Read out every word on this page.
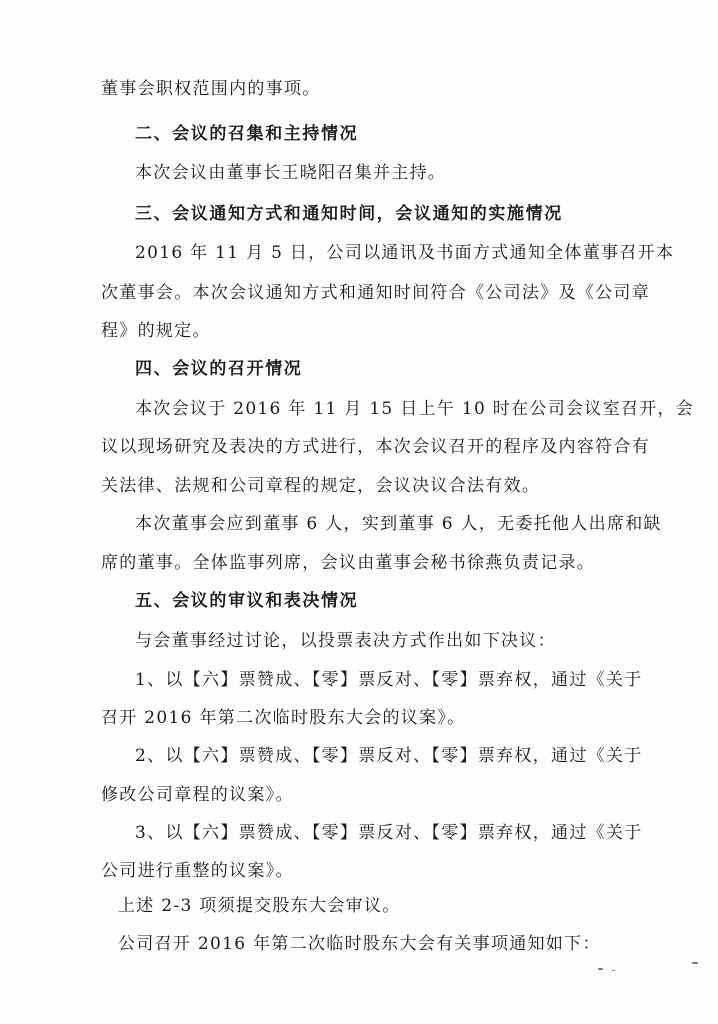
董事会职权范围内的事项。
二、会议的召集和主持情况
本次会议由董事长王晓阳召集并主持。
三、会议通知方式和通知时间，会议通知的实施情况
2016 年 11 月 5 日，公司以通讯及书面方式通知全体董事召开本
次董事会。本次会议通知方式和通知时间符合《公司法》及《公司章
程》的规定。
四、会议的召开情况
本次会议于 2016 年 11 月 15 日上午 10 时在公司会议室召开，会
议以现场研究及表决的方式进行，本次会议召开的程序及内容符合有
关法律、法规和公司章程的规定，会议决议合法有效。
本次董事会应到董事 6 人，实到董事 6 人，无委托他人出席和缺
席的董事。全体监事列席，会议由董事会秘书徐燕负责记录。
五、会议的审议和表决情况
与会董事经过讨论，以投票表决方式作出如下决议：
1、以【六】票赞成、【零】票反对、【零】票弃权，通过《关于
召开 2016 年第二次临时股东大会的议案》。
2、以【六】票赞成、【零】票反对、【零】票弃权，通过《关于
修改公司章程的议案》。
3、以【六】票赞成、【零】票反对、【零】票弃权，通过《关于
公司进行重整的议案》。
上述 2-3 项须提交股东大会审议。
公司召开 2016 年第二次临时股东大会有关事项通知如下：
